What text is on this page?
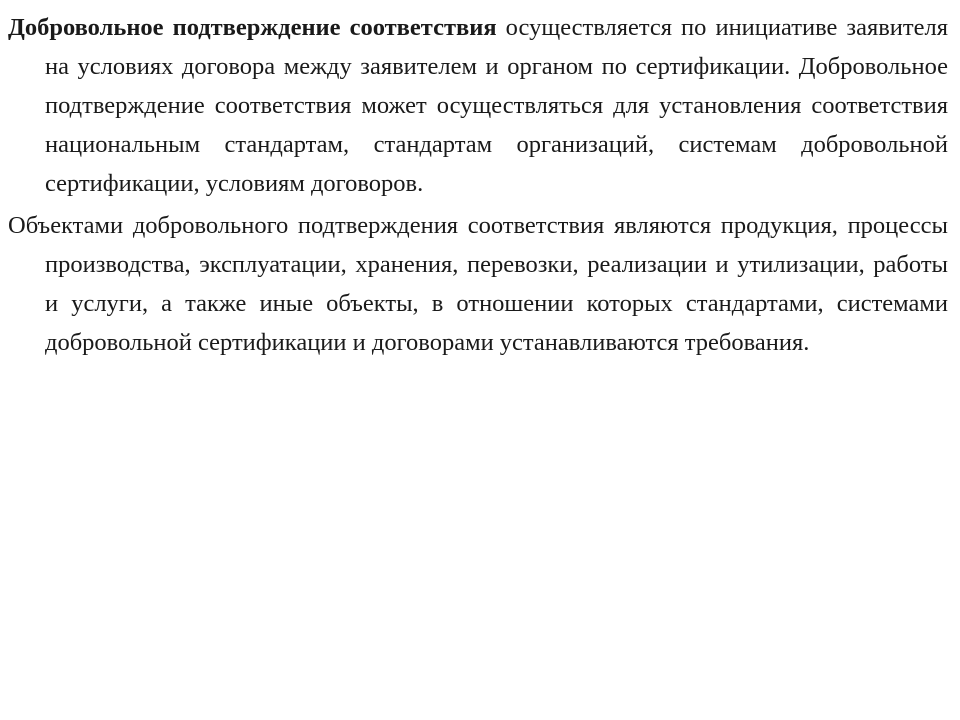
Добровольное подтверждение соответствия осуществляется по инициативе заявителя на условиях договора между заявителем и органом по сертификации. Добровольное подтверждение соответствия может осуществляться для установления соответствия национальным стандартам, стандартам организаций, системам добровольной сертификации, условиям договоров.

Объектами добровольного подтверждения соответствия являются продукция, процессы производства, эксплуатации, хранения, перевозки, реализации и утилизации, работы и услуги, а также иные объекты, в отношении которых стандартами, системами добровольной сертификации и договорами устанавливаются требования.
